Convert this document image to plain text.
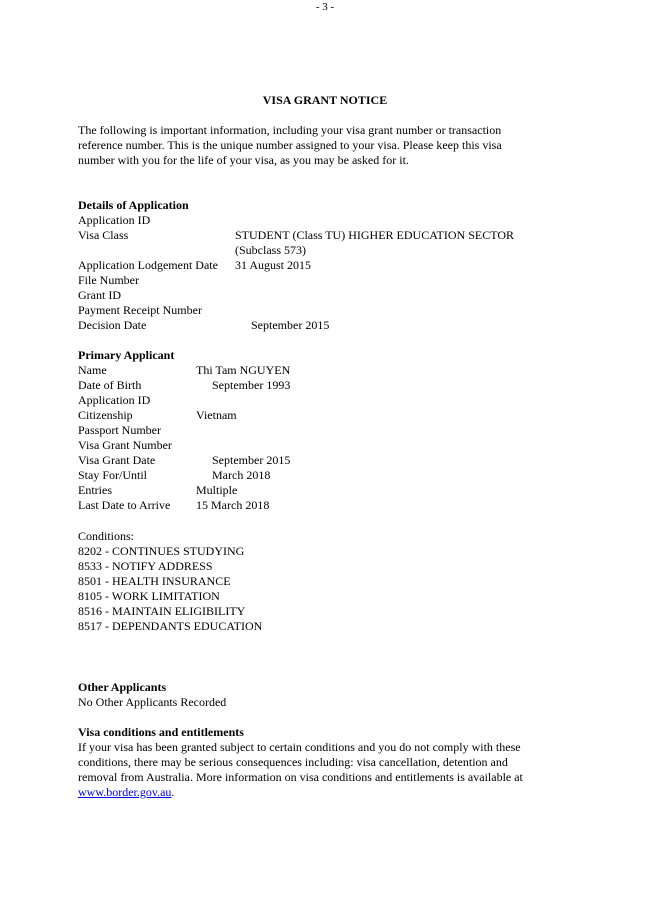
- 3 -
VISA GRANT NOTICE
The following is important information, including your visa grant number or transaction
reference number. This is the unique number assigned to your visa. Please keep this visa
number with you for the life of your visa, as you may be asked for it.
Details of Application
Application ID
Visa Class	STUDENT (Class TU) HIGHER EDUCATION SECTOR
(Subclass 573)
Application Lodgement Date 31 August 2015
File Number
Grant ID
Payment Receipt Number
Decision Date	September 2015
Primary Applicant
Name	Thi Tam NGUYEN
Date of Birth	September 1993
Application ID
Citizenship	Vietnam
Passport Number
Visa Grant Number
Visa Grant Date	September 2015
Stay For/Until	March 2018
Entries	Multiple
Last Date to Arrive 15 March 2018
Conditions:
8202 - CONTINUES STUDYING
8533 - NOTIFY ADDRESS
8501 - HEALTH INSURANCE
8105 - WORK LIMITATION
8516 - MAINTAIN ELIGIBILITY
8517 - DEPENDANTS EDUCATION
Other Applicants
No Other Applicants Recorded
Visa conditions and entitlements
If your visa has been granted subject to certain conditions and you do not comply with these
conditions, there may be serious consequences including: visa cancellation, detention and
removal from Australia. More information on visa conditions and entitlements is available at
www.border.gov.au.
